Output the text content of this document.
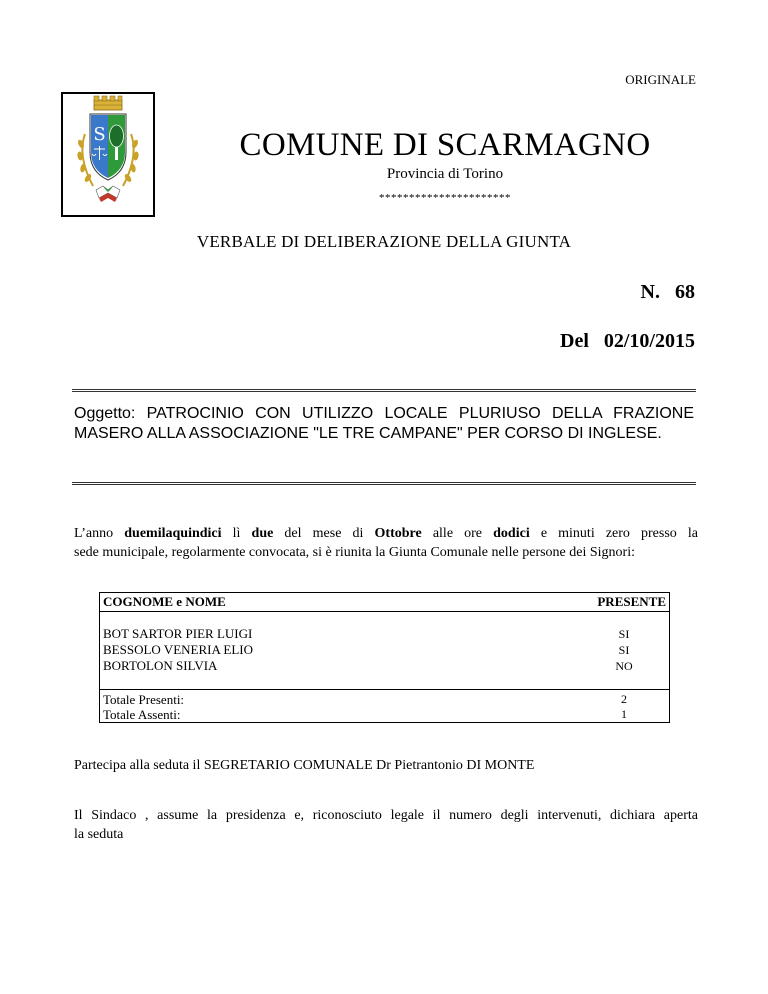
ORIGINALE
S	COMUNE DI SCARMAGNO
Provincia di Torino
**********************
VERBALE DI DELIBERAZIONE DELLA GIUNTA
N.   68
Del   02/10/2015
Oggetto: PATROCINIO CON UTILIZZO LOCALE PLURIUSO DELLA FRAZIONE MASERO ALLA ASSOCIAZIONE "LE TRE CAMPANE" PER CORSO DI INGLESE.
L’anno duemilaquindici lì due del mese di Ottobre alle ore dodici e minuti zero presso la
sede municipale, regolarmente convocata, si è riunita la Giunta Comunale nelle persone dei Signori:
COGNOME e NOME	PRESENTE
BOT SARTOR PIER LUIGI
BESSOLO VENERIA ELIO
BORTOLON SILVIA
SI
SI
NO
Totale Presenti:
Totale Assenti:
2
1
Partecipa alla seduta il SEGRETARIO COMUNALE Dr Pietrantonio DI MONTE
Il Sindaco , assume la presidenza e, riconosciuto legale il numero degli intervenuti, dichiara aperta
la seduta
